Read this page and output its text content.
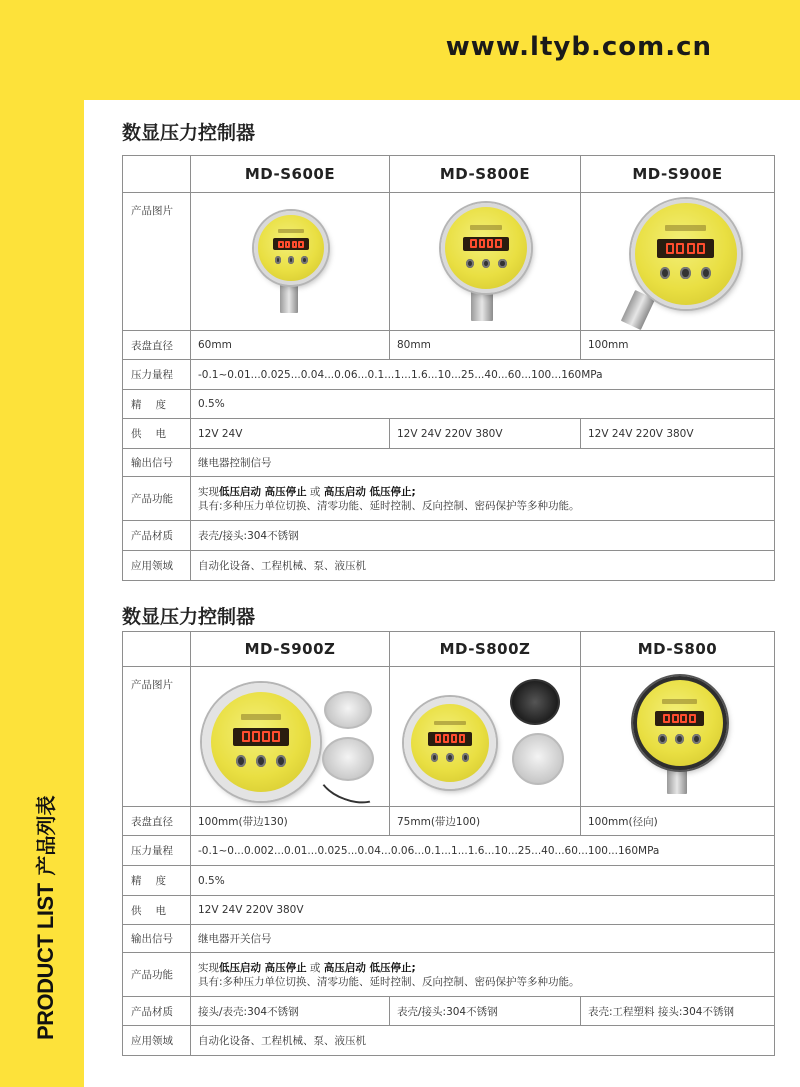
www.ltyb.com.cn
PRODUCT LIST产品列表
数显压力控制器
	MD-S600E	MD-S800E	MD-S900E
产品图片	

表盘直径	60mm	80mm	100mm
压力量程	-0.1~0.01...0.025...0.04...0.06...0.1...1...1.6...10...25...40...60...100...160MPa		
精度	0.5%		
供电	12V 24V	12V 24V 220V 380V	12V 24V 220V 380V
输出信号	继电器控制信号		
产品功能	实现低压启动 高压停止 或 高压启动 低压停止;
具有:多种压力单位切换、清零功能、延时控制、反向控制、密码保护等多种功能。		

产品材质	表壳/接头:304不锈钢		
应用领域	自动化设备、工程机械、泵、液压机		
数显压力控制器
	MD-S900Z	MD-S800Z	MD-S800
产品图片	

表盘直径	100mm(带边130)	75mm(带边100)	100mm(径向)
压力量程	-0.1~0...0.002...0.01...0.025...0.04...0.06...0.1...1...1.6...10...25...40...60...100...160MPa		
精度	0.5%		
供电	12V 24V 220V 380V		
输出信号	继电器开关信号		
产品功能	实现低压启动 高压停止 或 高压启动 低压停止;
具有:多种压力单位切换、清零功能、延时控制、反向控制、密码保护等多种功能。		

产品材质	接头/表壳:304不锈钢	表壳/接头:304不锈钢	表壳:工程塑料 接头:304不锈钢
应用领域	自动化设备、工程机械、泵、液压机		
